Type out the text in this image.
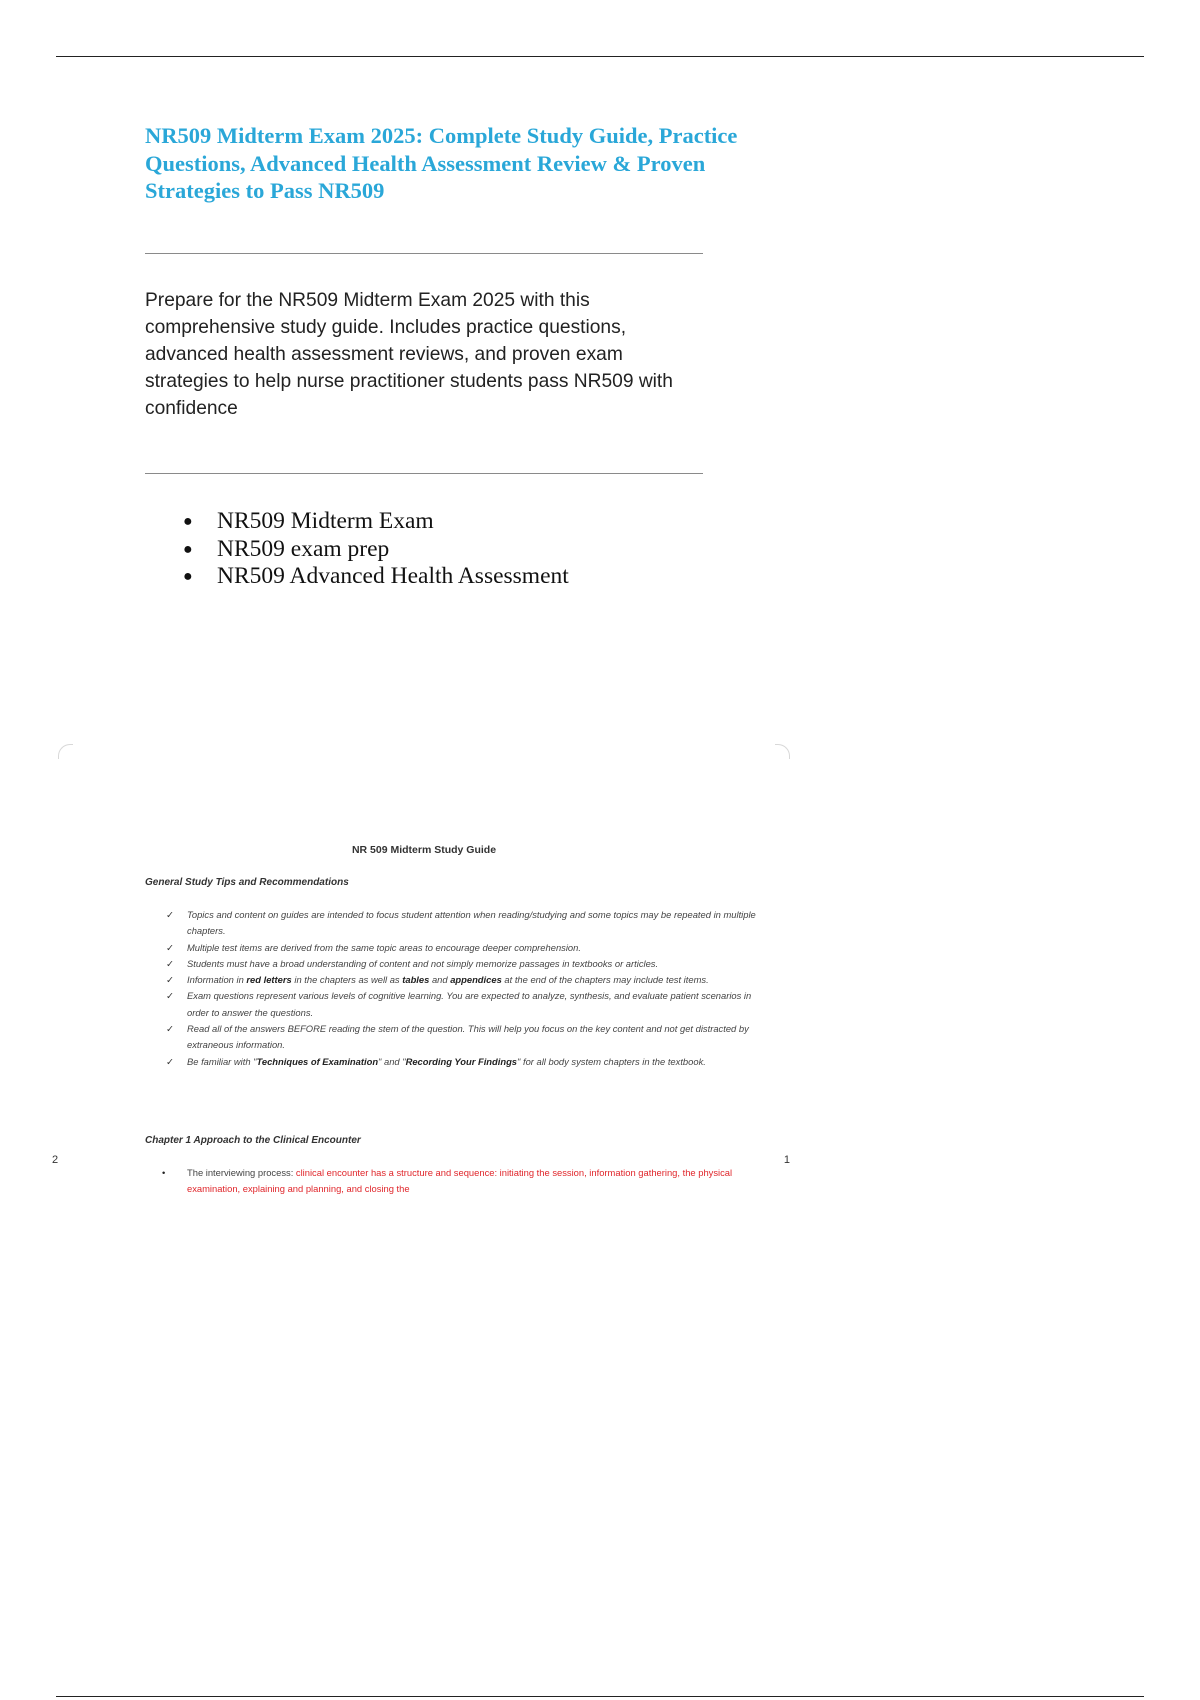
NR509 Midterm Exam 2025: Complete Study Guide, Practice Questions, Advanced Health Assessment Review & Proven Strategies to Pass NR509

Prepare for the NR509 Midterm Exam 2025 with this comprehensive study guide. Includes practice questions, advanced health assessment reviews, and proven exam strategies to help nurse practitioner students pass NR509 with confidence

● NR509 Midterm Exam
● NR509 exam prep
● NR509 Advanced Health Assessment
2	1

NR 509 Midterm Study Guide

General Study Tips and Recommendations

✓ Topics and content on guides are intended to focus student attention when reading/studying and some topics may be repeated in multiple chapters.
✓ Multiple test items are derived from the same topic areas to encourage deeper comprehension.
✓ Students must have a broad understanding of content and not simply memorize passages in textbooks or articles.
✓ Information in red letters in the chapters as well as tables and appendices at the end of the chapters may include test items.
✓ Exam questions represent various levels of cognitive learning. You are expected to analyze, synthesis, and evaluate patient scenarios in order to answer the questions.
✓ Read all of the answers BEFORE reading the stem of the question. This will help you focus on the key content and not get distracted by extraneous information.
✓ Be familiar with "Techniques of Examination" and "Recording Your Findings" for all body system chapters in the textbook.

Chapter 1 Approach to the Clinical Encounter

• The interviewing process: clinical encounter has a structure and sequence: initiating the session, information gathering, the physical examination, explaining and planning, and closing the
